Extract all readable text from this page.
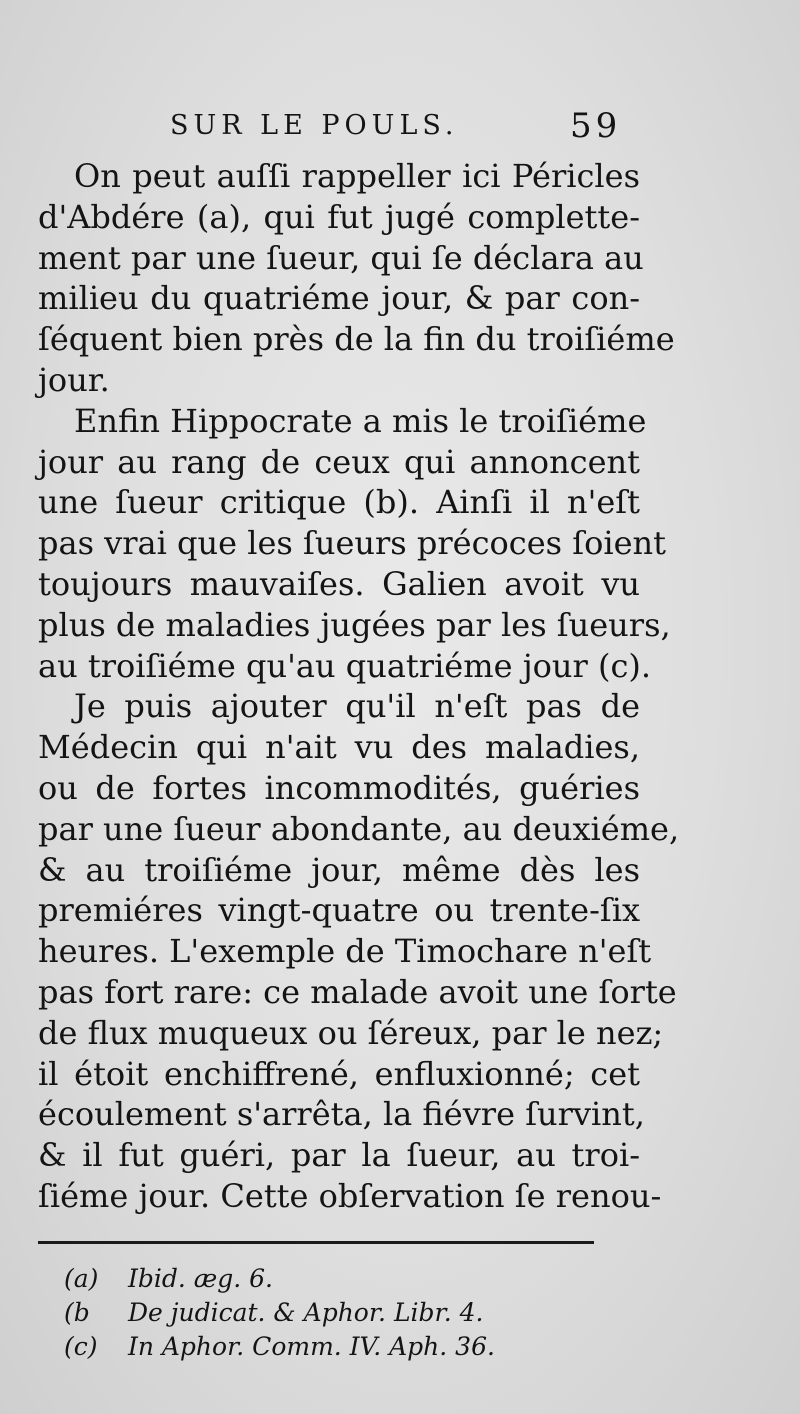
SUR LE POULS.	59
On peut auſſi rappeller ici Péricles
d'Abdére (a), qui fut jugé complette-
ment par une ſueur, qui ſe déclara au
milieu du quatriéme jour, & par con-
ſéquent bien près de la fin du troiſiéme
jour.
Enfin Hippocrate a mis le troiſiéme
jour au rang de ceux qui annoncent
une ſueur critique (b). Ainſi il n'eſt
pas vrai que les ſueurs précoces ſoient
toujours mauvaiſes. Galien avoit vu
plus de maladies jugées par les ſueurs,
au troiſiéme qu'au quatriéme jour (c).
Je puis ajouter qu'il n'eſt pas de
Médecin qui n'ait vu des maladies,
ou de fortes incommodités, guéries
par une ſueur abondante, au deuxiéme,
& au troiſiéme jour, même dès les
premiéres vingt-quatre ou trente-ſix
heures. L'exemple de Timochare n'eſt
pas fort rare: ce malade avoit une ſorte
de flux muqueux ou ſéreux, par le nez;
il étoit enchiffrené, enfluxionné; cet
écoulement s'arrêta, la fiévre ſurvint,
& il fut guéri, par la ſueur, au troi-
ſiéme jour. Cette obſervation ſe renou-
(a) Ibid. æg. 6.
(b De judicat. & Aphor. Libr. 4.
(c) In Aphor. Comm. IV. Aph. 36.
